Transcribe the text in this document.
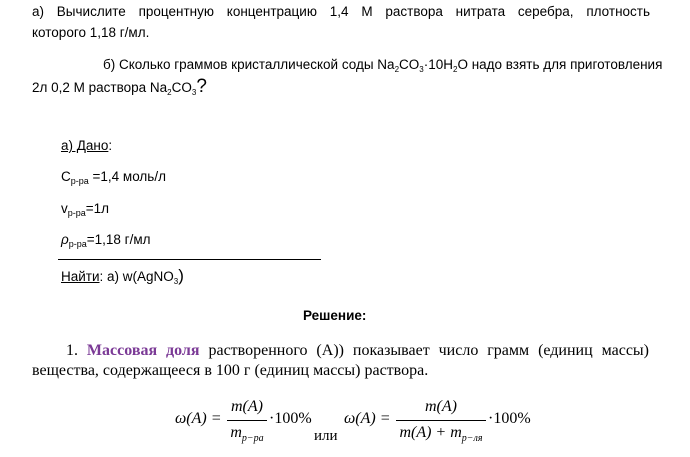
а) Вычислите процентную концентрацию 1,4 М раствора нитрата серебра, плотность
которого 1,18 г/мл.
б) Сколько граммов кристаллической соды $Na_2CO_3\cdot 10H_2O$ надо взять для приготовления
2л 0,2 М раствора $Na_2CO_3$?
а) Дано:
$C_{р-ра} =1,4$ моль/л
$v_{р-ра}=1л$
$\rho_{р-ра}=1,18$ г/мл
Найти: а) w(AgNO$_3$)
Решение:
1. Массовая доля растворенного (А)) показывает число грамм (единиц массы)
вещества, содержащееся в 100 г (единиц массы) раствора.
ω(A) =
m(A)
$m_{р-ра}$
·100%
или
ω(A) =
m(A)
$m(A) + m_{р-ля}$
·100%
